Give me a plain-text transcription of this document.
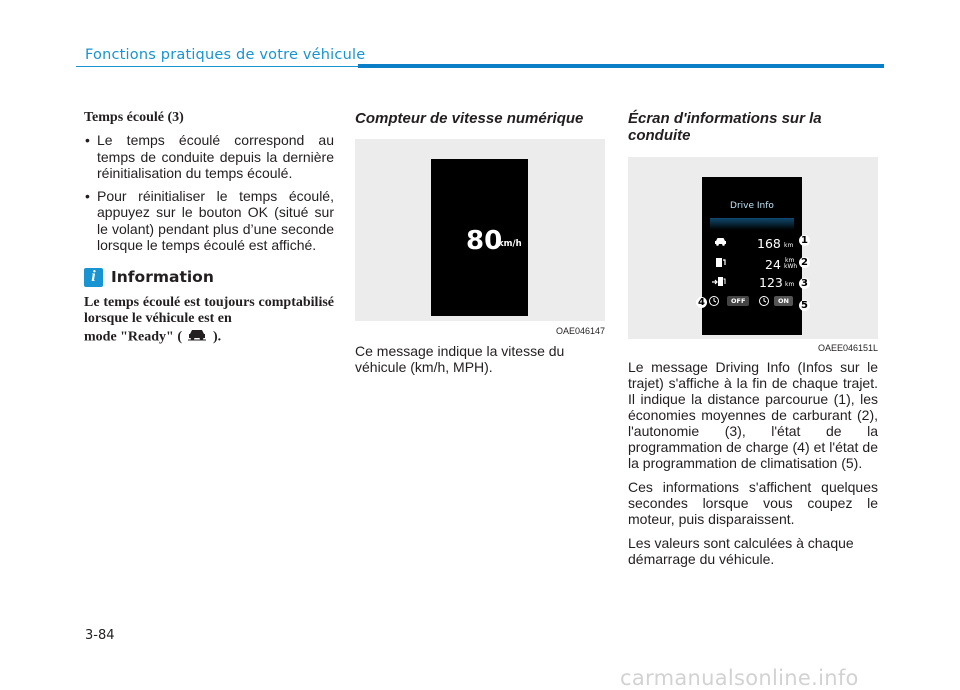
Fonctions pratiques de votre véhicule

Temps écoulé (3)

• Le temps écoulé correspond au temps de conduite depuis la dernière réinitialisation du temps écoulé.
• Pour réinitialiser le temps écoulé, appuyez sur le bouton OK (situé sur le volant) pendant plus d’une seconde lorsque le temps écoulé est affiché.
i Information
Le temps écoulé est toujours comptabilisé lorsque le véhicule est en
mode "Ready" ( ).

Compteur de vitesse numérique

80
km/h
OAE046147

Ce message indique la vitesse du véhicule (km/h, MPH).

Écran d'informations sur la conduite

Drive Info
168 km
24 km
kWh
123 km
OFF	ON
1
2
3
4	5
OAEE046151L

Le message Driving Info (Infos sur le trajet) s'affiche à la fin de chaque trajet. Il indique la distance parcourue (1), les économies moyennes de carburant (2), l'autonomie (3), l'état de la programmation de charge (4) et l'état de la programmation de climatisation (5).

Ces informations s'affichent quelques secondes lorsque vous coupez le moteur, puis disparaissent.

Les valeurs sont calculées à chaque démarrage du véhicule.

3-84
carmanualsonline.info
